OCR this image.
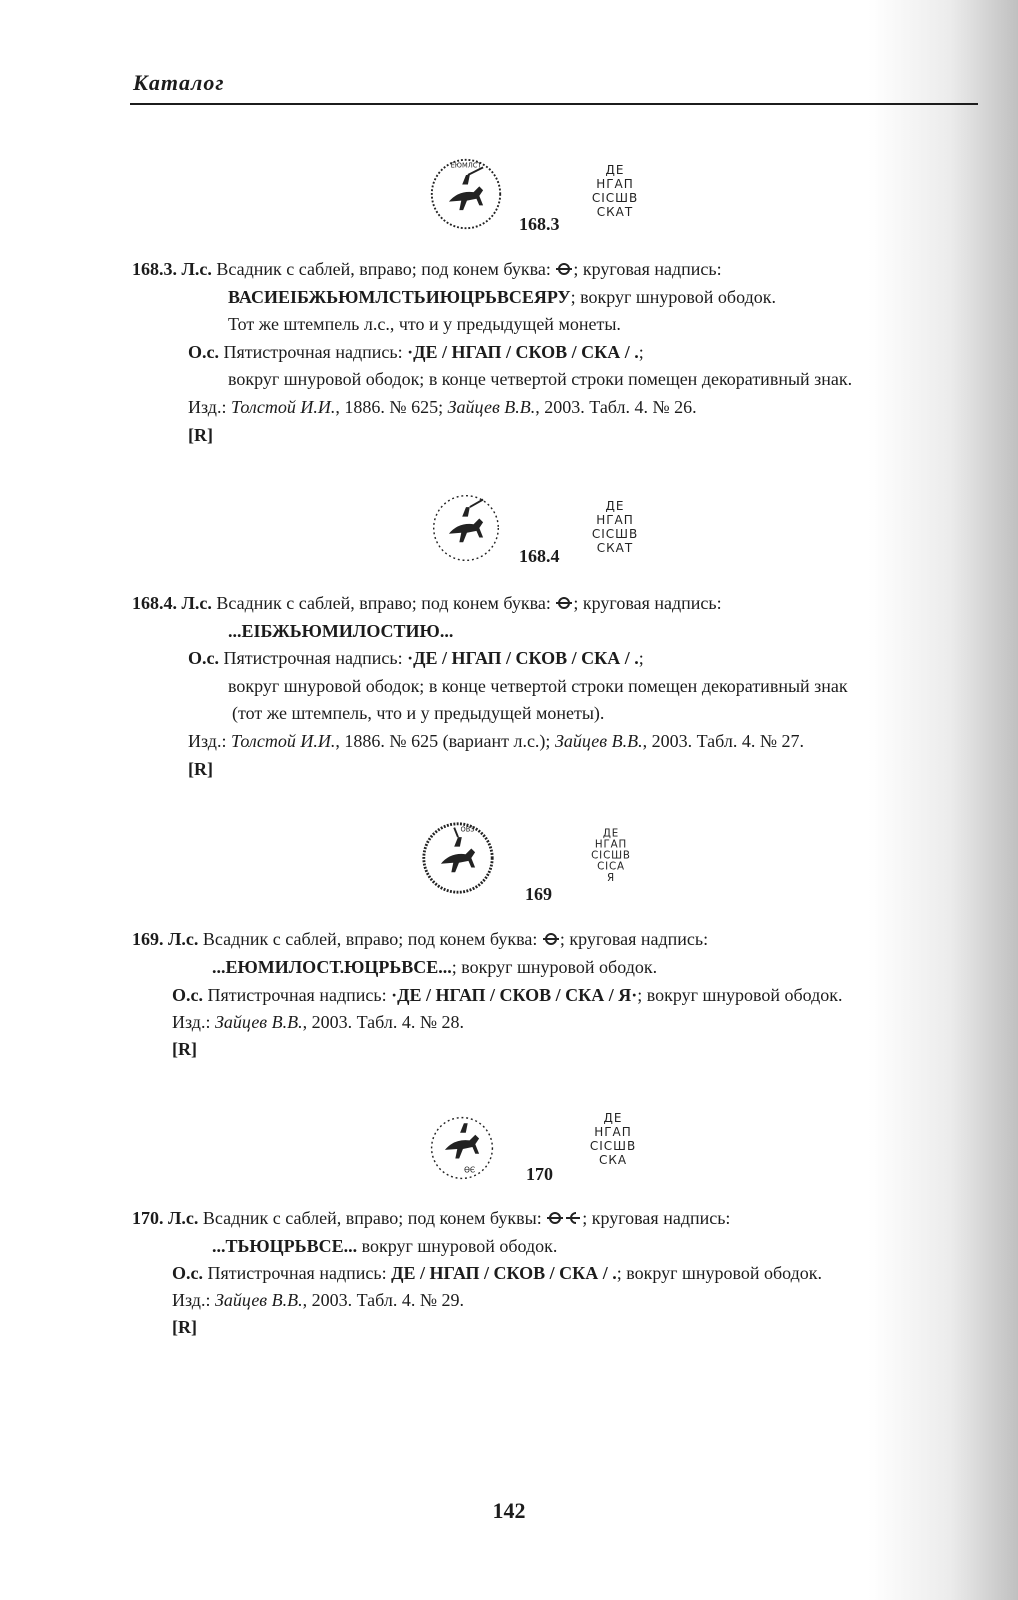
Каталог
ЕЮМЛСТ	ДЕ
НГАП
СІСШВ
СКАТ
168.3
168.3. Л.с. Всадник с саблей, вправо; под конем буква: ; круговая надпись:
ВАСИЕІБЖЬЮМЛСТЬИЮЦРЬВСЕЯРУ; вокруг шнуровой ободок.
Тот же штемпель л.с., что и у предыдущей монеты.
О.с. Пятистрочная надпись: ·ДЕ / НГАП / СКОВ / СКА / .;
вокруг шнуровой ободок; в конце четвертой строки помещен декоративный знак.
Изд.: Толстой И.И., 1886. № 625; Зайцев В.В., 2003. Табл. 4. № 26.
[R]
ДЕ
НГАП
СІСШВ
СКАТ
168.4
168.4. Л.с. Всадник с саблей, вправо; под конем буква: ; круговая надпись:
...ЕІБЖЬЮМИЛОСТИЮ...
О.с. Пятистрочная надпись: ·ДЕ / НГАП / СКОВ / СКА / .;
вокруг шнуровой ободок; в конце четвертой строки помещен декоративный знак
(тот же штемпель, что и у предыдущей монеты).
Изд.: Толстой И.И., 1886. № 625 (вариант л.с.); Зайцев В.В., 2003. Табл. 4. № 27.
[R]
ОВЗ	ДЕ
НГАП
СІСШВ
СІСА
Я
169
169. Л.с. Всадник с саблей, вправо; под конем буква: ; круговая надпись:
...ЕЮМИЛОСТ.ЮЦРЬВСЕ...; вокруг шнуровой ободок.
О.с. Пятистрочная надпись: ·ДЕ / НГАП / СКОВ / СКА / Я·; вокруг шнуровой ободок.
Изд.: Зайцев В.В., 2003. Табл. 4. № 28.
[R]
ӨЄ
ДЕ
НГАП
СІСШВ
СКА
170
170. Л.с. Всадник с саблей, вправо; под конем буквы: ; круговая надпись:
...ТЬЮЦРЬВСЕ... вокруг шнуровой ободок.
О.с. Пятистрочная надпись: ДЕ / НГАП / СКОВ / СКА / .; вокруг шнуровой ободок.
Изд.: Зайцев В.В., 2003. Табл. 4. № 29.
[R]
142
